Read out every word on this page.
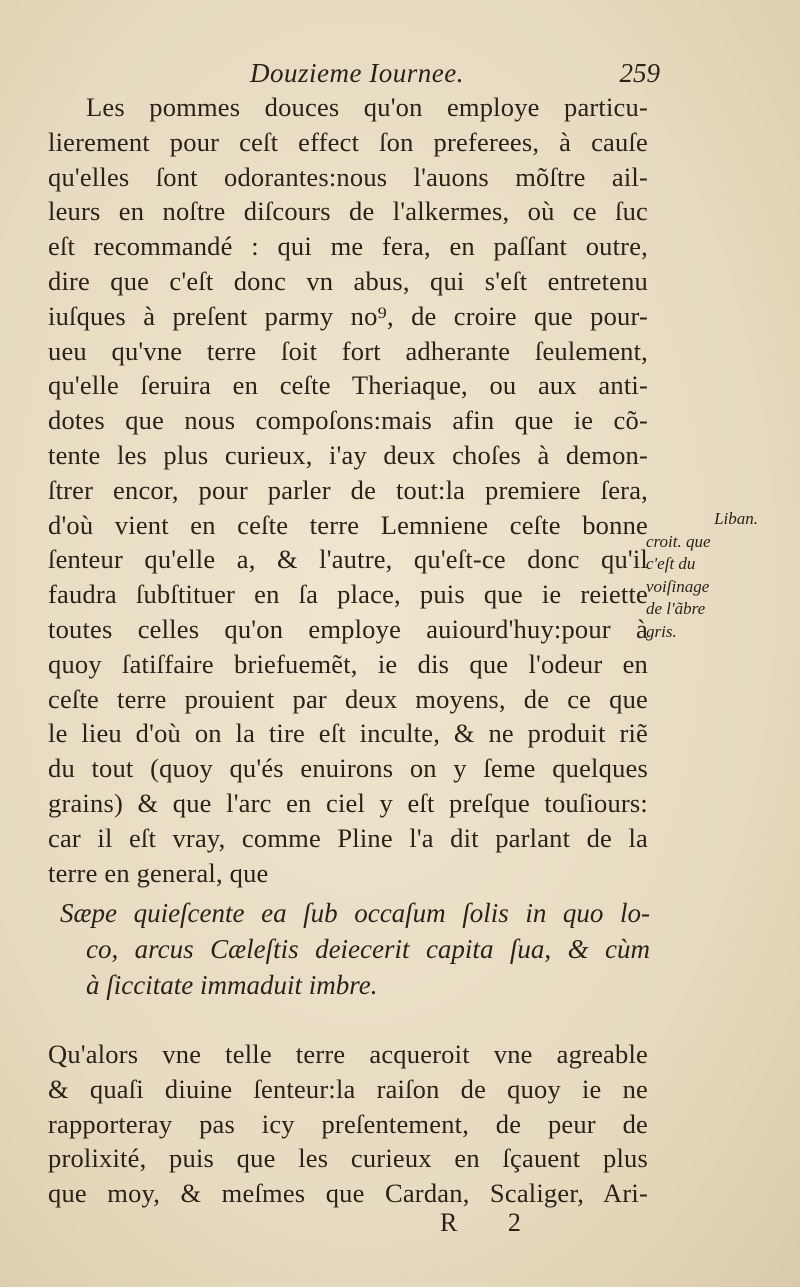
Douzieme Iournee.	259
Les pommes douces qu'on employe particu-
lierement pour ceſt effect ſon preferees, à cauſe
qu'elles ſont odorantes:nous l'auons mõſtre ail-
leurs en noſtre diſcours de l'alkermes, où ce ſuc
eſt recommandé : qui me fera, en paſſant outre,
dire que c'eſt donc vn abus, qui s'eſt entretenu
iuſques à preſent parmy no⁹, de croire que pour-
ueu qu'vne terre ſoit fort adherante ſeulement,
qu'elle ſeruira en ceſte Theriaque, ou aux anti-
dotes que nous compoſons:mais afin que ie cõ-
tente les plus curieux, i'ay deux choſes à demon-
ſtrer encor, pour parler de tout:la premiere ſera,
d'où vient en ceſte terre Lemniene ceſte bonne
ſenteur qu'elle a, & l'autre, qu'eſt-ce donc qu'il
faudra ſubſtituer en ſa place, puis que ie reiette
toutes celles qu'on employe auiourd'huy:pour à
quoy ſatiſfaire briefuemẽt, ie dis que l'odeur en
ceſte terre prouient par deux moyens, de ce que
le lieu d'où on la tire eſt inculte, & ne produit riẽ
du tout (quoy qu'és enuirons on y ſeme quelques
grains) & que l'arc en ciel y eſt preſque touſiours:
car il eſt vray, comme Pline l'a dit parlant de la
terre en general, que
Liban.
croit. que
c'eſt du
voiſinage
de l'ãbre
gris.
Sæpe quieſcente ea ſub occaſum ſolis in quo lo-
co, arcus Cæleſtis deiecerit capita ſua, & cùm
à ſiccitate immaduit imbre.
Qu'alors vne telle terre acqueroit vne agreable
& quaſi diuine ſenteur:la raiſon de quoy ie ne
rapporteray pas icy preſentement, de peur de
prolixité, puis que les curieux en ſçauent plus
que moy, & meſmes que Cardan, Scaliger, Ari-
R 2
